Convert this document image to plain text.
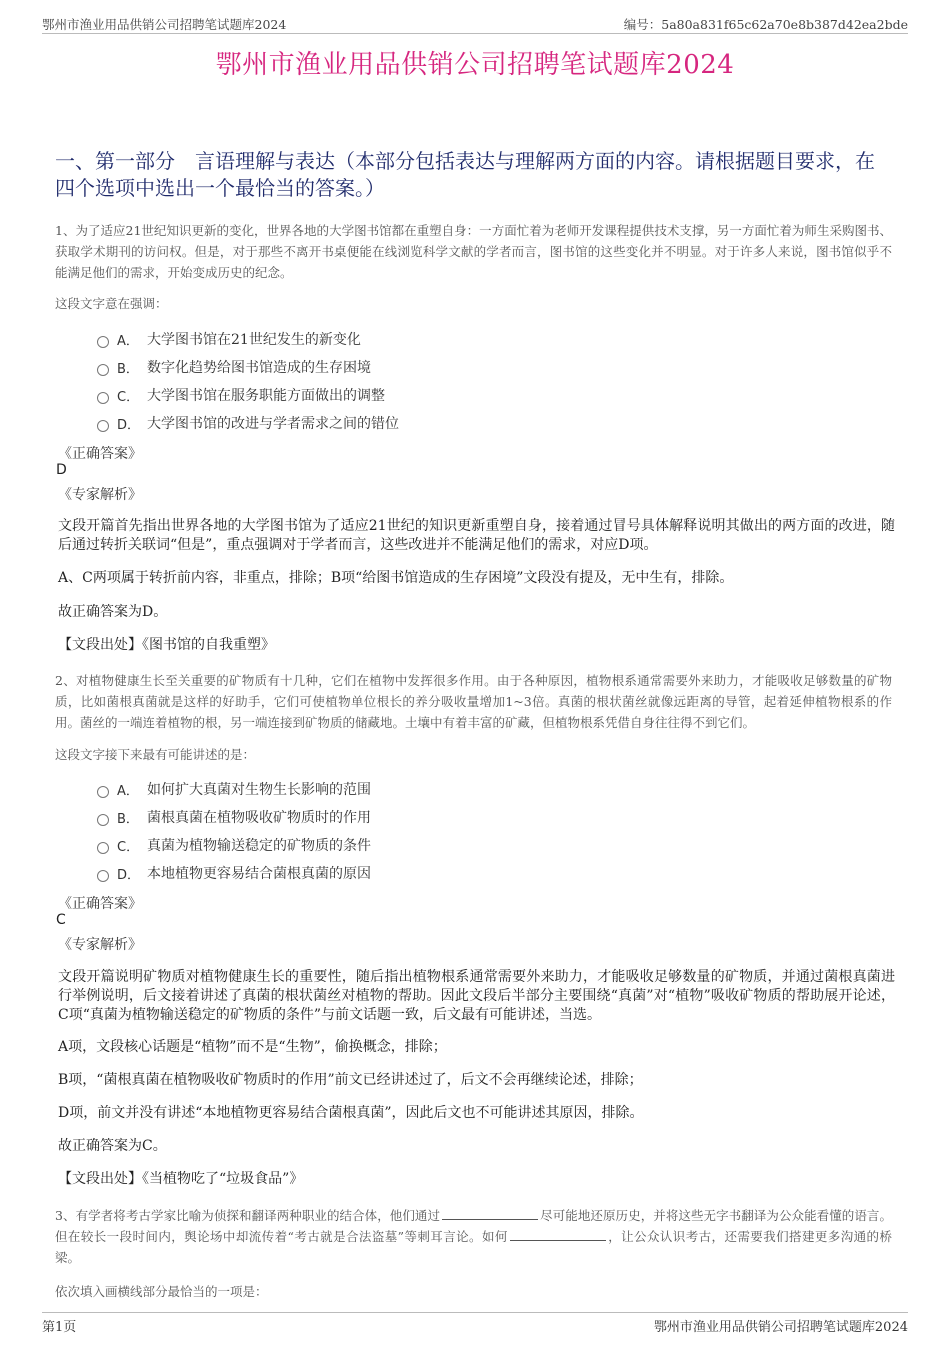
鄂州市渔业用品供销公司招聘笔试题库2024	编号：5a80a831f65c62a70e8b387d42ea2bde
鄂州市渔业用品供销公司招聘笔试题库2024
一、第一部分　言语理解与表达（本部分包括表达与理解两方面的内容。请根据题目要求，在四个选项中选出一个最恰当的答案。）
1、为了适应21世纪知识更新的变化，世界各地的大学图书馆都在重塑自身：一方面忙着为老师开发课程提供技术支撑，另一方面忙着为师生采购图书、获取学术期刊的访问权。但是，对于那些不离开书桌便能在线浏览科学文献的学者而言，图书馆的这些变化并不明显。对于许多人来说，图书馆似乎不能满足他们的需求，开始变成历史的纪念。
这段文字意在强调：
A． 大学图书馆在21世纪发生的新变化
B． 数字化趋势给图书馆造成的生存困境
C． 大学图书馆在服务职能方面做出的调整
D． 大学图书馆的改进与学者需求之间的错位
《正确答案》
D
《专家解析》
文段开篇首先指出世界各地的大学图书馆为了适应21世纪的知识更新重塑自身，接着通过冒号具体解释说明其做出的两方面的改进，随后通过转折关联词“但是”，重点强调对于学者而言，这些改进并不能满足他们的需求，对应D项。
A、C两项属于转折前内容，非重点，排除；B项“给图书馆造成的生存困境”文段没有提及，无中生有，排除。
故正确答案为D。
【文段出处】《图书馆的自我重塑》
2、对植物健康生长至关重要的矿物质有十几种，它们在植物中发挥很多作用。由于各种原因，植物根系通常需要外来助力，才能吸收足够数量的矿物质，比如菌根真菌就是这样的好助手，它们可使植物单位根长的养分吸收量增加1~3倍。真菌的根状菌丝就像远距离的导管，起着延伸植物根系的作用。菌丝的一端连着植物的根，另一端连接到矿物质的储藏地。土壤中有着丰富的矿藏，但植物根系凭借自身往往得不到它们。
这段文字接下来最有可能讲述的是：
A． 如何扩大真菌对生物生长影响的范围
B． 菌根真菌在植物吸收矿物质时的作用
C． 真菌为植物输送稳定的矿物质的条件
D． 本地植物更容易结合菌根真菌的原因
《正确答案》
C
《专家解析》
文段开篇说明矿物质对植物健康生长的重要性，随后指出植物根系通常需要外来助力，才能吸收足够数量的矿物质，并通过菌根真菌进行举例说明，后文接着讲述了真菌的根状菌丝对植物的帮助。因此文段后半部分主要围绕“真菌”对“植物”吸收矿物质的帮助展开论述，C项“真菌为植物输送稳定的矿物质的条件”与前文话题一致，后文最有可能讲述，当选。
A项，文段核心话题是“植物”而不是“生物”，偷换概念，排除；
B项，“菌根真菌在植物吸收矿物质时的作用”前文已经讲述过了，后文不会再继续论述，排除；
D项，前文并没有讲述“本地植物更容易结合菌根真菌”，因此后文也不可能讲述其原因，排除。
故正确答案为C。
【文段出处】《当植物吃了“垃圾食品”》
3、有学者将考古学家比喻为侦探和翻译两种职业的结合体，他们通过	尽可能地还原历史，并将这些无字书翻译为公众能看懂的语言。但在较长一段时间内，舆论场中却流传着“考古就是合法盗墓”等刺耳言论。如何	，让公众认识考古，还需要我们搭建更多沟通的桥梁。
依次填入画横线部分最恰当的一项是：
第1页	鄂州市渔业用品供销公司招聘笔试题库2024
